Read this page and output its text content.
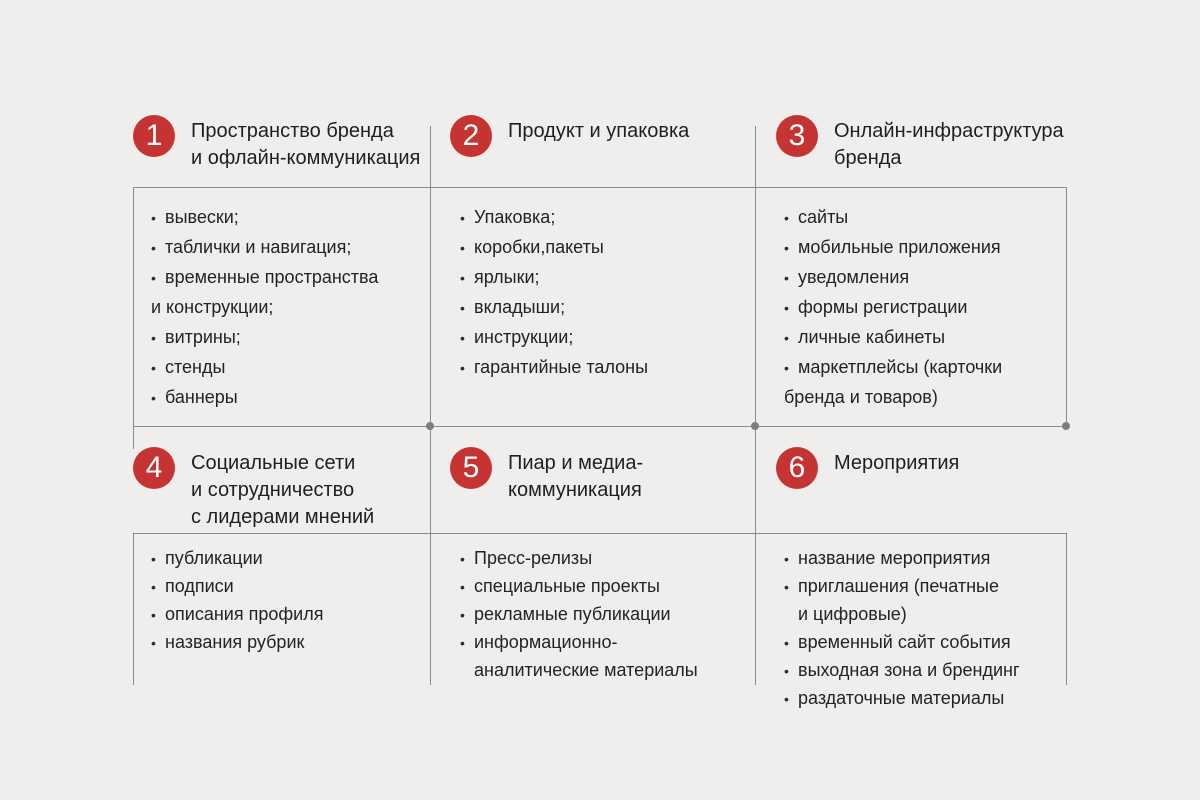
1	Пространство бренда
и офлайн-коммуникация
• вывески;
• таблички и навигация;
• временные пространства
и конструкции;
• витрины;
• стенды
• баннеры
2	Продукт и упаковка
• Упаковка;
• коробки,пакеты
• ярлыки;
• вкладыши;
• инструкции;
• гарантийные талоны
3	Онлайн-инфраструктура
бренда
• сайты
• мобильные приложения
• уведомления
• формы регистрации
• личные кабинеты
• маркетплейсы (карточки
бренда и товаров)
4	Социальные сети
и сотрудничество
с лидерами мнений
• публикации
• подписи
• описания профиля
• названия рубрик
5	Пиар и медиа-
коммуникация
• Пресс-релизы
• специальные проекты
• рекламные публикации
• информационно-
аналитические материалы
6	Мероприятия
• название мероприятия
• приглашения (печатные
и цифровые)
• временный сайт события
• выходная зона и брендинг
• раздаточные материалы
